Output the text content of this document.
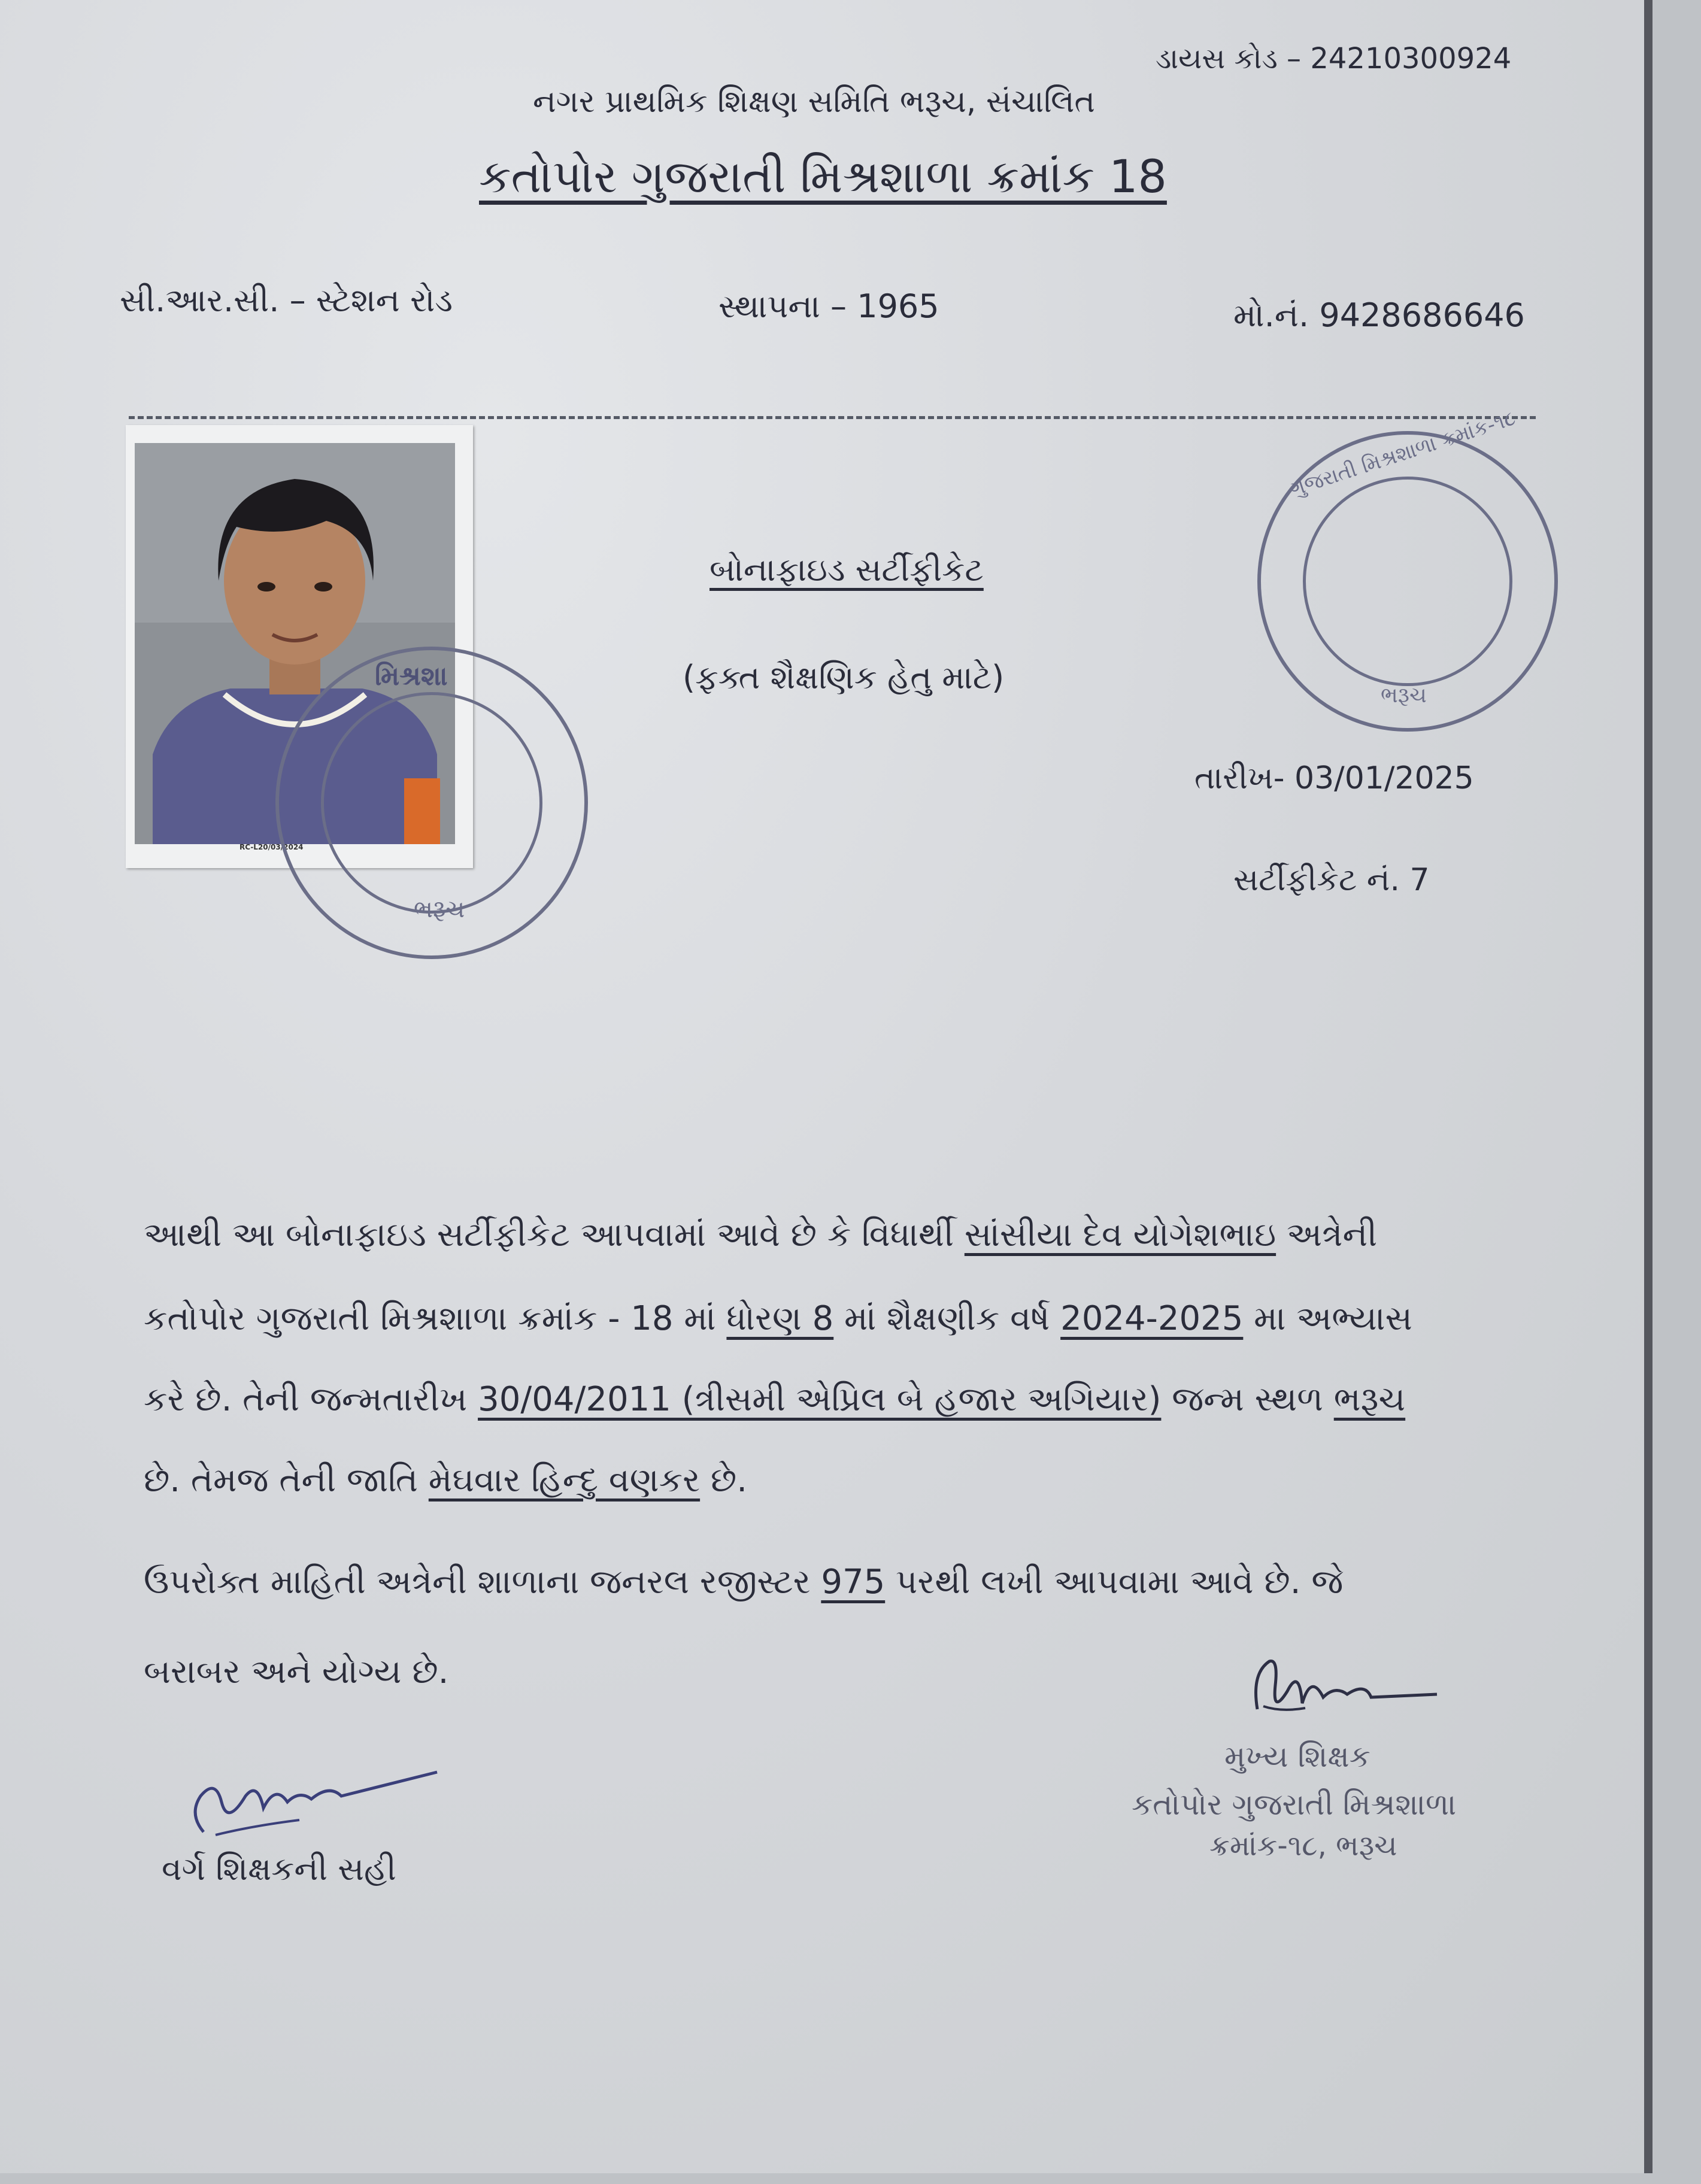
ડાયસ કોડ – 24210300924
નગર પ્રાથમિક શિક્ષણ સમિતિ ભરૂચ, સંચાલિત
કતોપોર ગુજરાતી મિશ્રશાળા ક્રમાંક 18
સી.આર.સી. – સ્ટેશન રોડ	સ્થાપના – 1965	મો.નં. 9428686646
RC-L20/03/2024
મિશ્રશા
ભરૂચ
ગુજરાતી મિશ્રશાળા ક્રમાંક-૧૮
ભરૂચ
બોનાફાઇડ સર્ટીફીકેટ
(ફક્ત શૈક્ષણિક હેતુ માટે)
તારીખ- 03/01/2025
સર્ટીફીકેટ નં. 7
આથી આ બોનાફાઇડ સર્ટીફીકેટ આપવામાં આવે છે કે વિધાર્થી સાંસીયા દેવ યોગેશભાઇ અત્રેની
કતોપોર ગુજરાતી મિશ્રશાળા ક્રમાંક - 18 માં ધોરણ 8 માં શૈક્ષણીક વર્ષ 2024-2025 મા અભ્યાસ
કરે છે. તેની જન્મતારીખ 30/04/2011 (ત્રીસમી એપ્રિલ બે હજાર અગિયાર) જન્મ સ્થળ ભરૂચ
છે. તેમજ તેની જાતિ મેઘવાર હિન્દુ વણકર છે.
ઉપરોક્ત માહિતી અત્રેની શાળાના જનરલ રજીસ્ટર 975 પરથી લખી આપવામા આવે છે. જે
બરાબર અને યોગ્ય છે.
મુખ્ય શિક્ષક
કતોપોર ગુજરાતી મિશ્રશાળા
ક્રમાંક-૧૮, ભરૂચ
વર્ગ શિક્ષકની સહી
